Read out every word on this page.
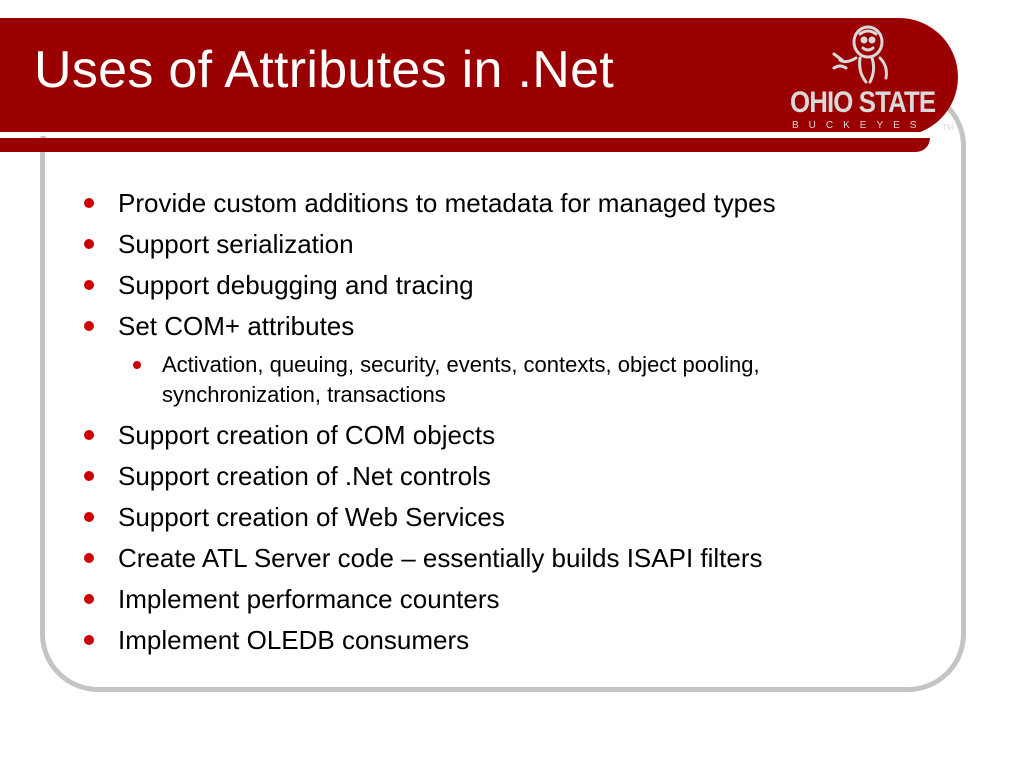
Uses of Attributes in .Net
OHIO STATE
BUCKEYES TM

Provide custom additions to metadata for managed types

Support serialization

Support debugging and tracing

Set COM+ attributes

Activation, queuing, security, events, contexts, object pooling, synchronization, transactions

Support creation of COM objects

Support creation of .Net controls

Support creation of Web Services

Create ATL Server code – essentially builds ISAPI filters

Implement performance counters

Implement OLEDB consumers
